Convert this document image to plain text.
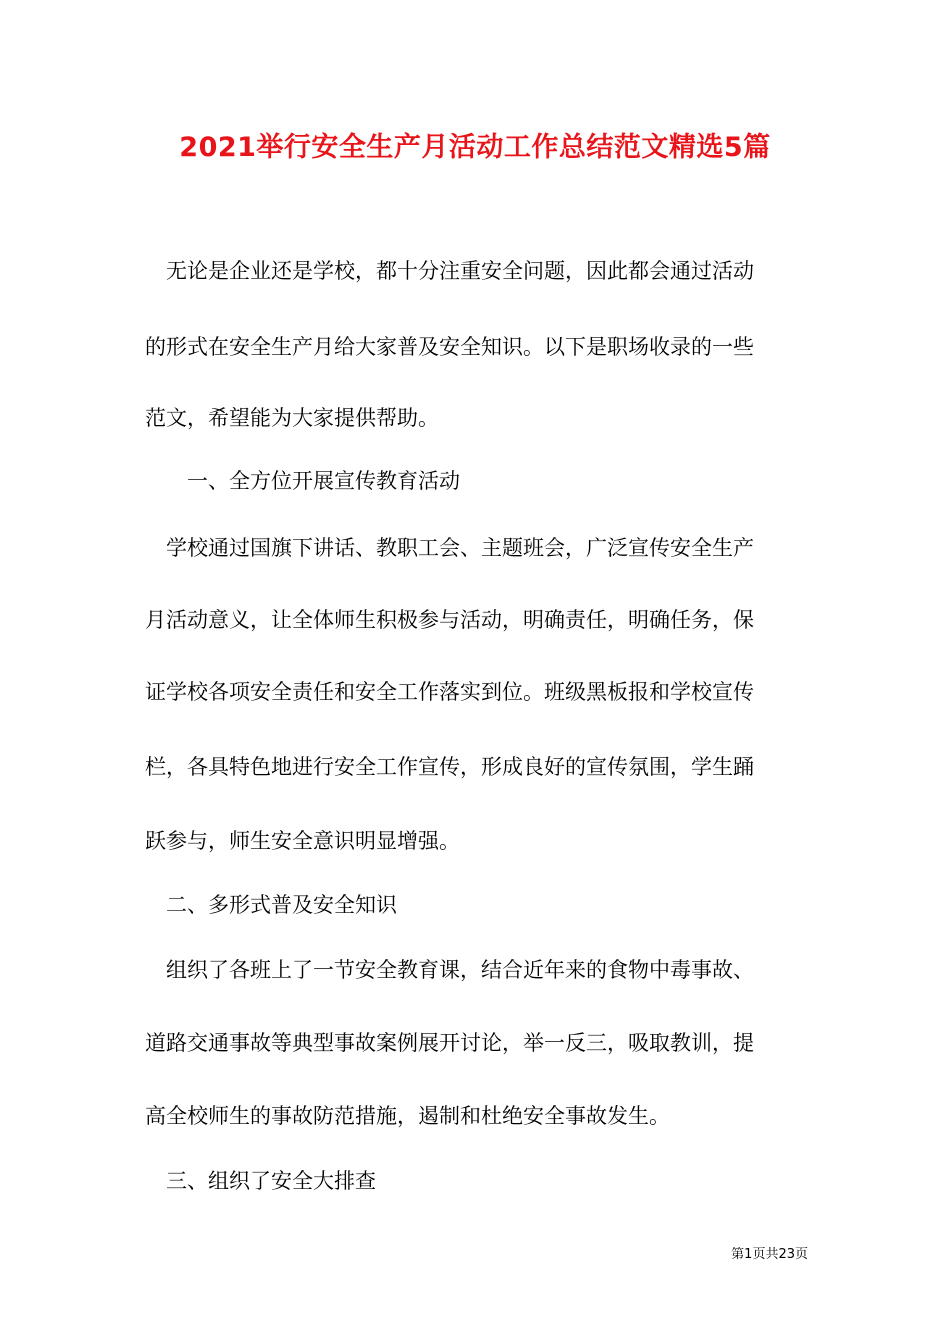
2021举行安全生产月活动工作总结范文精选5篇

　无论是企业还是学校，都十分注重安全问题，因此都会通过活动

的形式在安全生产月给大家普及安全知识。以下是职场收录的一些

范文，希望能为大家提供帮助。

　　一、全方位开展宣传教育活动

　学校通过国旗下讲话、教职工会、主题班会，广泛宣传安全生产

月活动意义，让全体师生积极参与活动，明确责任，明确任务，保

证学校各项安全责任和安全工作落实到位。班级黑板报和学校宣传

栏，各具特色地进行安全工作宣传，形成良好的宣传氛围，学生踊

跃参与，师生安全意识明显增强。

　二、多形式普及安全知识

　组织了各班上了一节安全教育课，结合近年来的食物中毒事故、

道路交通事故等典型事故案例展开讨论，举一反三，吸取教训，提

高全校师生的事故防范措施，遏制和杜绝安全事故发生。

　三、组织了安全大排查

第1页共23页
